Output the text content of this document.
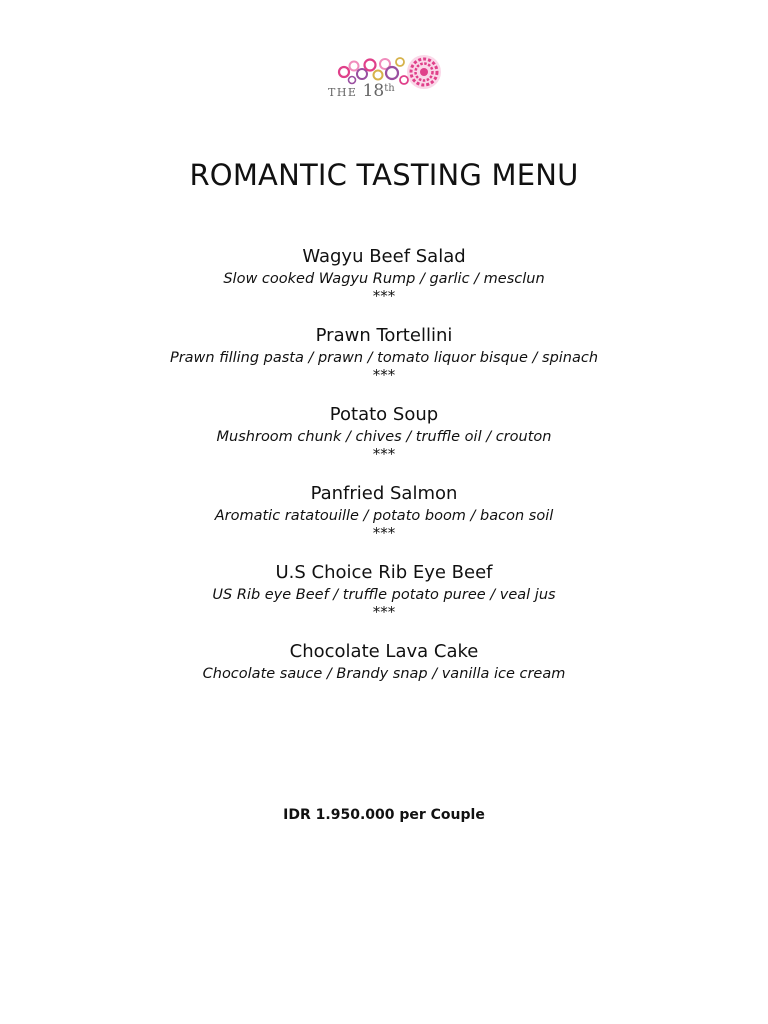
THE 18th
ROMANTIC TASTING MENU

Wagyu Beef Salad

Slow cooked Wagyu Rump / garlic / mesclun

***

Prawn Tortellini

Prawn filling pasta / prawn / tomato liquor bisque / spinach

***

Potato Soup

Mushroom chunk / chives / truffle oil / crouton

***

Panfried Salmon

Aromatic ratatouille / potato boom / bacon soil

***

U.S Choice Rib Eye Beef

US Rib eye Beef / truffle potato puree / veal jus

***

Chocolate Lava Cake

Chocolate sauce / Brandy snap / vanilla ice cream

IDR 1.950.000 per Couple
